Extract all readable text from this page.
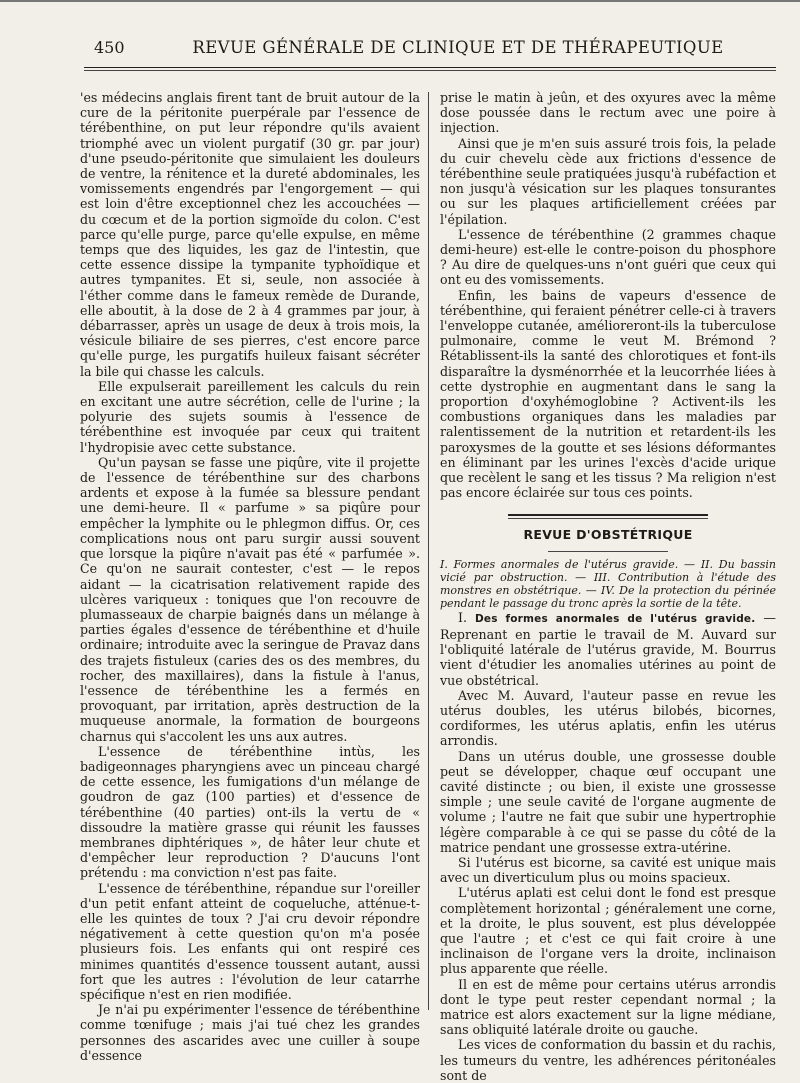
450	REVUE GÉNÉRALE DE CLINIQUE ET DE THÉRAPEUTIQUE

'es médecins anglais firent tant de bruit autour de la cure de la péritonite puerpérale par l'essence de térébenthine, on put leur répondre qu'ils avaient triomphé avec un violent purgatif (30 gr. par jour) d'une pseudo-péritonite que simulaient les douleurs de ventre, la rénitence et la dureté abdominales, les vomissements engendrés par l'engorgement — qui est loin d'être exceptionnel chez les accouchées — du cœcum et de la portion sigmoïde du colon. C'est parce qu'elle purge, parce qu'elle expulse, en même temps que des liquides, les gaz de l'intestin, que cette essence dissipe la tympanite typhoïdique et autres tympanites. Et si, seule, non associée à l'éther comme dans le fameux remède de Durande, elle aboutit, à la dose de 2 à 4 grammes par jour, à débarrasser, après un usage de deux à trois mois, la vésicule biliaire de ses pierres, c'est encore parce qu'elle purge, les purgatifs huileux faisant sécréter la bile qui chasse les calculs.

Elle expulserait pareillement les calculs du rein en excitant une autre sécrétion, celle de l'urine ; la polyurie des sujets soumis à l'essence de térébenthine est invoquée par ceux qui traitent l'hydropisie avec cette substance.

Qu'un paysan se fasse une piqûre, vite il projette de l'essence de térébenthine sur des charbons ardents et expose à la fumée sa blessure pendant une demi-heure. Il « parfume » sa piqûre pour empêcher la lymphite ou le phlegmon diffus. Or, ces complications nous ont paru surgir aussi souvent que lorsque la piqûre n'avait pas été « parfumée ». Ce qu'on ne saurait contester, c'est — le repos aidant — la cicatrisation relativement rapide des ulcères variqueux : toniques que l'on recouvre de plumasseaux de charpie baignés dans un mélange à parties égales d'essence de térébenthine et d'huile ordinaire; introduite avec la seringue de Pravaz dans des trajets fistuleux (caries des os des membres, du rocher, des maxillaires), dans la fistule à l'anus, l'essence de térébenthine les a fermés en provoquant, par irritation, après destruction de la muqueuse anormale, la formation de bourgeons charnus qui s'accolent les uns aux autres.

L'essence de térébenthine intùs, les badigeonnages pharyngiens avec un pinceau chargé de cette essence, les fumigations d'un mélange de goudron de gaz (100 parties) et d'essence de térébenthine (40 parties) ont-ils la vertu de « dissoudre la matière grasse qui réunit les fausses membranes diphtériques », de hâter leur chute et d'empêcher leur reproduction ? D'aucuns l'ont prétendu : ma conviction n'est pas faite.

L'essence de térébenthine, répandue sur l'oreiller d'un petit enfant atteint de coqueluche, atténue-t-elle les quintes de toux ? J'ai cru devoir répondre négativement à cette question qu'on m'a posée plusieurs fois. Les enfants qui ont respiré ces minimes quantités d'essence toussent autant, aussi fort que les autres : l'évolution de leur catarrhe spécifique n'est en rien modifiée.

Je n'ai pu expérimenter l'essence de térébenthine comme tœnifuge ; mais j'ai tué chez les grandes personnes des ascarides avec une cuiller à soupe d'essence

prise le matin à jeûn, et des oxyures avec la même dose poussée dans le rectum avec une poire à injection.

Ainsi que je m'en suis assuré trois fois, la pelade du cuir chevelu cède aux frictions d'essence de térébenthine seule pratiquées jusqu'à rubéfaction et non jusqu'à vésication sur les plaques tonsurantes ou sur les plaques artificiellement créées par l'épilation.

L'essence de térébenthine (2 grammes chaque demi-heure) est-elle le contre-poison du phosphore ? Au dire de quelques-uns n'ont guéri que ceux qui ont eu des vomissements.

Enfin, les bains de vapeurs d'essence de térébenthine, qui feraient pénétrer celle-ci à travers l'enveloppe cutanée, amélioreront-ils la tuberculose pulmonaire, comme le veut M. Brémond ? Rétablissent-ils la santé des chlorotiques et font-ils disparaître la dysménorrhée et la leucorrhée liées à cette dystrophie en augmentant dans le sang la proportion d'oxyhémoglobine ? Activent-ils les combustions organiques dans les maladies par ralentissement de la nutrition et retardent-ils les paroxysmes de la goutte et ses lésions déformantes en éliminant par les urines l'excès d'acide urique que recèlent le sang et les tissus ? Ma religion n'est pas encore éclairée sur tous ces points.

REVUE D'OBSTÉTRIQUE

I. Formes anormales de l'utérus gravide. — II. Du bassin vicié par obstruction. — III. Contribution à l'étude des monstres en obstétrique. — IV. De la protection du périnée pendant le passage du tronc après la sortie de la tête.

I. Des formes anormales de l'utérus gravide. — Reprenant en partie le travail de M. Auvard sur l'obliquité latérale de l'utérus gravide, M. Bourrus vient d'étudier les anomalies utérines au point de vue obstétrical.

Avec M. Auvard, l'auteur passe en revue les utérus doubles, les utérus bilobés, bicornes, cordiformes, les utérus aplatis, enfin les utérus arrondis.

Dans un utérus double, une grossesse double peut se développer, chaque œuf occupant une cavité distincte ; ou bien, il existe une grossesse simple ; une seule cavité de l'organe augmente de volume ; l'autre ne fait que subir une hypertrophie légère comparable à ce qui se passe du côté de la matrice pendant une grossesse extra-utérine.

Si l'utérus est bicorne, sa cavité est unique mais avec un diverticulum plus ou moins spacieux.

L'utérus aplati est celui dont le fond est presque complètement horizontal ; généralement une corne, et la droite, le plus souvent, est plus développée que l'autre ; et c'est ce qui fait croire à une inclinaison de l'organe vers la droite, inclinaison plus apparente que réelle.

Il en est de même pour certains utérus arrondis dont le type peut rester cependant normal ; la matrice est alors exactement sur la ligne médiane, sans obliquité latérale droite ou gauche.

Les vices de conformation du bassin et du rachis, les tumeurs du ventre, les adhérences péritonéales sont de
